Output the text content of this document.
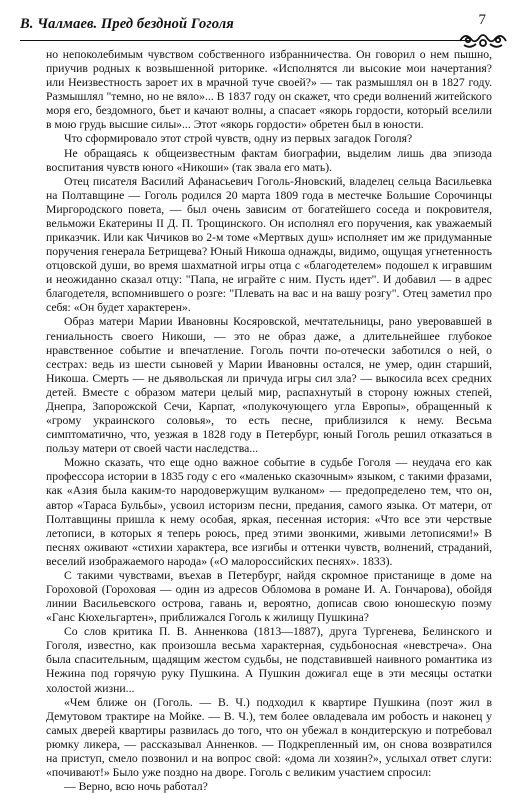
В. Чалмаев. Пред бездной Гоголя	7

но непоколебимым чувством собственного избранничества. Он говорил о нем пышно, приучив родных к возвышенной риторике. «Исполнятся ли высокие мои начертания? или Неизвестность зароет их в мрачной туче своей?» — так размышлял он в 1827 году. Размышлял "темно, но не вяло»... В 1837 году он скажет, что среди волнений житейского моря его, бездомного, бьет и качают волны, а спасает «якорь гордости, который вселили в мою грудь высшие силы»... Этот «якорь гордости» обретен был в юности.

Что сформировало этот строй чувств, одну из первых загадок Гоголя?

Не обращаясь к общеизвестным фактам биографии, выделим лишь два эпизода воспитания чувств юного «Никоши» (так звала его мать).

Отец писателя Василий Афанасьевич Гоголь-Яновский, владелец сельца Васильевка на Полтавщине — Гоголь родился 20 марта 1809 года в местечке Большие Сорочинцы Миргородского повета, — был очень зависим от богатейшего соседа и покровителя, вельможи Екатерины II Д. П. Трощинского. Он исполнял его поручения, как уважаемый приказчик. Или как Чичиков во 2-м томе «Мертвых душ» исполняет им же придуманные поручения генерала Бетрищева? Юный Никоша однажды, видимо, ощущая угнетенность отцовской души, во время шахматной игры отца с «благодетелем» подошел к игравшим и неожиданно сказал отцу: "Папа, не играйте с ним. Пусть идет". И добавил — в адрес благодетеля, вспомнившего о розге: "Плевать на вас и на вашу розгу". Отец заметил про себя: «Он будет характерен».

Образ матери Марии Ивановны Косяровской, мечтательницы, рано уверовавшей в гениальность своего Никоши, — это не образ даже, а длительнейшее глубокое нравственное событие и впечатление. Гоголь почти по-отечески заботился о ней, о сестрах: ведь из шести сыновей у Марии Ивановны остался, не умер, один старший, Никоша. Смерть — не дьявольская ли причуда игры сил зла? — выкосила всех средних детей. Вместе с образом матери целый мир, распахнутый в сторону южных степей, Днепра, Запорожской Сечи, Карпат, «полукочующего угла Европы», обращенный к «грому украинского соловья», то есть песне, приблизился к нему. Весьма симптоматично, что, уезжая в 1828 году в Петербург, юный Гоголь решил отказаться в пользу матери от своей части наследства...

Можно сказать, что еще одно важное событие в судьбе Гоголя — неудача его как профессора истории в 1835 году с его «маленько сказочным» языком, с такими фразами, как «Азия была каким-то народовержущим вулканом» — предопределено тем, что он, автор «Тараса Бульбы», усвоил историзм песни, предания, самого языка. От матери, от Полтавщины пришла к нему особая, яркая, песенная история: «Что все эти черствые летописи, в которых я теперь роюсь, пред этими звонкими, живыми летописями!» В песнях оживают «стихии характера, все изгибы и оттенки чувств, волнений, страданий, веселий изображаемого народа» («О малороссийских песнях». 1833).

С такими чувствами, въехав в Петербург, найдя скромное пристанище в доме на Гороховой (Гороховая — один из адресов Обломова в романе И. А. Гончарова), обойдя линии Васильевского острова, гавань и, вероятно, дописав свою юношескую поэму «Ганс Кюхельгартен», приближался Гоголь к жилищу Пушкина?

Со слов критика П. В. Анненкова (1813—1887), друга Тургенева, Белинского и Гоголя, известно, как произошла весьма характерная, судьбоносная «невстреча». Она была спасительным, щадящим жестом судьбы, не подставившей наивного романтика из Нежина под горячую руку Пушкина. А Пушкин дожигал еще в эти месяцы остатки холостой жизни...

«Чем ближе он (Гоголь. — В. Ч.) подходил к квартире Пушкина (поэт жил в Демутовом трактире на Мойке. — В. Ч.), тем более овладевала им робость и наконец у самых дверей квартиры развилась до того, что он убежал в кондитерскую и потребовал рюмку ликера, — рассказывал Анненков. — Подкрепленный им, он снова возвратился на приступ, смело позвонил и на вопрос свой: «дома ли хозяин?», услыхал ответ слуги: «почивают!» Было уже поздно на дворе. Гоголь с великим участием спросил:

— Верно, всю ночь работал?
